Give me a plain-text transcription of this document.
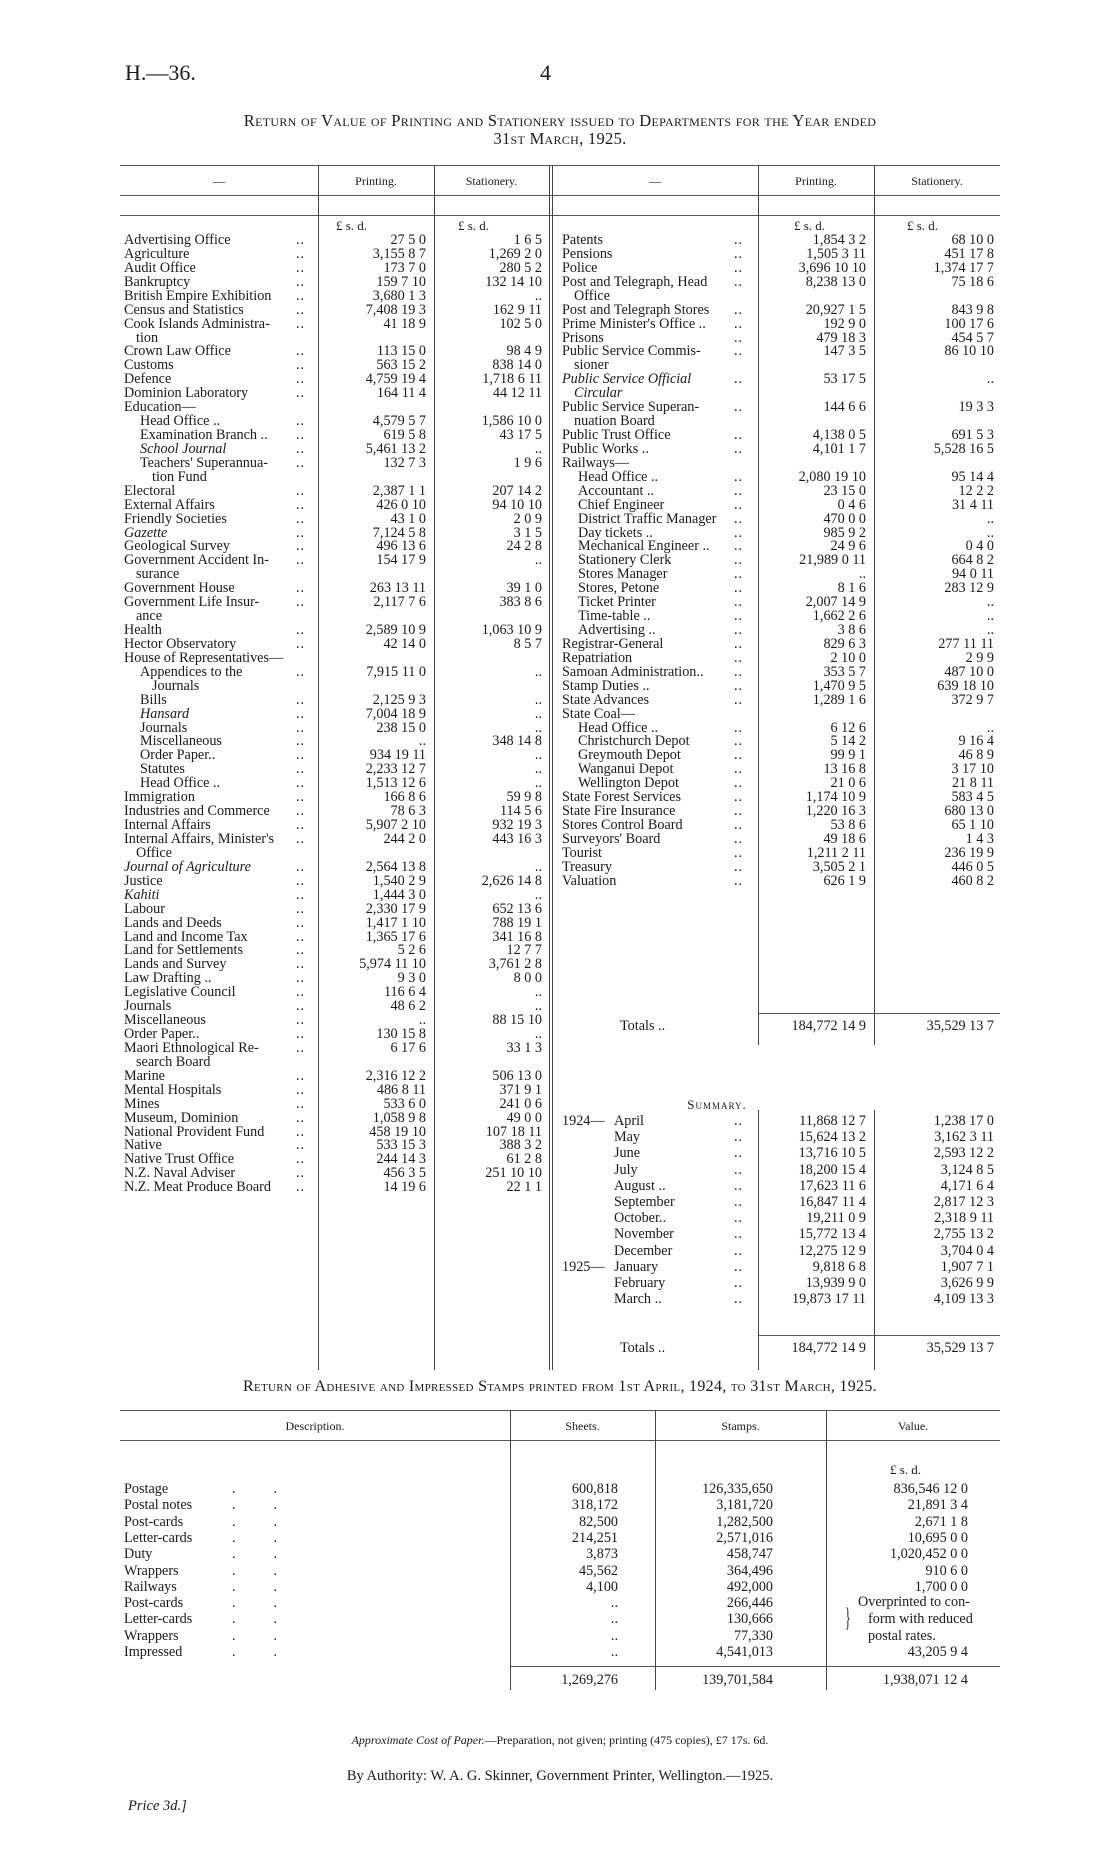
H.—36.	4
Return of Value of Printing and Stationery issued to Departments for the Year ended
31st March, 1925.
—	Printing.	Stationery.	—	Printing.	Stationery.
£ s. d.	£ s. d.	£ s. d.	£ s. d.
Advertising Office	..	27 5 0	1 6 5
Agriculture	..	3,155 8 7	1,269 2 0
Audit Office	..	173 7 0	280 5 2
Bankruptcy	..	159 7 10	132 14 10
British Empire Exhibition ..	3,680 1 3	..
Census and Statistics	..	7,408 19 3	162 9 11
Cook Islands Administra- ..	41 18 9	102 5 0
tion
Crown Law Office	..	113 15 0	98 4 9
Customs	..	563 15 2	838 14 0
Defence	..	4,759 19 4	1,718 6 11
Dominion Laboratory	..	164 11 4	44 12 11
Education—
Head Office ..	..	4,579 5 7	1,586 10 0
Examination Branch .. ..	619 5 8	43 17 5
School Journal	..	5,461 13 2	..
Teachers' Superannua- ..	132 7 3	1 9 6
tion Fund
Electoral	..	2,387 1 1	207 14 2
External Affairs	..	426 0 10	94 10 10
Friendly Societies	..	43 1 0	2 0 9
Gazette	..	7,124 5 8	3 1 5
Geological Survey	..	496 13 6	24 2 8
Government Accident In- ..	154 17 9	..
surance
Government House	..	263 13 11	39 1 0
Government Life Insur-	..	2,117 7 6	383 8 6
ance
Health	..	2,589 10 9	1,063 10 9
Hector Observatory	..	42 14 0	8 5 7
House of Representatives—
Appendices to the	..	7,915 11 0	..
Journals
Bills	..	2,125 9 3	..
Hansard	..	7,004 18 9	..
Journals	..	238 15 0	..
Miscellaneous	..	..	348 14 8
Order Paper..	..	934 19 11	..
Statutes	..	2,233 12 7	..
Head Office ..	..	1,513 12 6	..
Immigration	..	166 8 6	59 9 8
Industries and Commerce ..	78 6 3	114 5 6
Internal Affairs	..	5,907 2 10	932 19 3
Internal Affairs, Minister's ..	244 2 0	443 16 3
Office
Journal of Agriculture	..	2,564 13 8	..
Justice	..	1,540 2 9	2,626 14 8
Kahiti	..	1,444 3 0	..
Labour	..	2,330 17 9	652 13 6
Lands and Deeds	..	1,417 1 10	788 19 1
Land and Income Tax	..	1,365 17 6	341 16 8
Land for Settlements	..	5 2 6	12 7 7
Lands and Survey	..	5,974 11 10	3,761 2 8
Law Drafting ..	..	9 3 0	8 0 0
Legislative Council	..	116 6 4	..
Journals	..	48 6 2	..
Miscellaneous	..	..	88 15 10
Order Paper..	..	130 15 8	..
Maori Ethnological Re-	..	6 17 6	33 1 3
search Board
Marine	..	2,316 12 2	506 13 0
Mental Hospitals	..	486 8 11	371 9 1
Mines	..	533 6 0	241 0 6
Museum, Dominion	..	1,058 9 8	49 0 0
National Provident Fund ..	458 19 10	107 18 11
Native	..	533 15 3	388 3 2
Native Trust Office	..	244 14 3	61 2 8
N.Z. Naval Adviser	..	456 3 5	251 10 10
N.Z. Meat Produce Board ..	14 19 6	22 1 1
Patents	..	1,854 3 2	68 10 0
Pensions	..	1,505 3 11	451 17 8
Police	..	3,696 10 10	1,374 17 7
Post and Telegraph, Head ..	8,238 13 0	75 18 6
Office
Post and Telegraph Stores ..	20,927 1 5	843 9 8
Prime Minister's Office .. ..	192 9 0	100 17 6
Prisons	..	479 18 3	454 5 7
Public Service Commis- ..	147 3 5	86 10 10
sioner
Public Service Official	..	53 17 5	..
Circular
Public Service Superan- ..	144 6 6	19 3 3
nuation Board
Public Trust Office	..	4,138 0 5	691 5 3
Public Works ..	..	4,101 1 7	5,528 16 5
Railways—
Head Office ..	..	2,080 19 10	95 14 4
Accountant ..	..	23 15 0	12 2 2
Chief Engineer	..	0 4 6	31 4 11
District Traffic Manager ..	470 0 0	..
Day tickets ..	..	985 9 2	..
Mechanical Engineer .. ..	24 9 6	0 4 0
Stationery Clerk	..	21,989 0 11	664 8 2
Stores Manager	..	..	94 0 11
Stores, Petone	..	8 1 6	283 12 9
Ticket Printer	..	2,007 14 9	..
Time-table ..	..	1,662 2 6	..
Advertising ..	..	3 8 6	..
Registrar-General	..	829 6 3	277 11 11
Repatriation	..	2 10 0	2 9 9
Samoan Administration.. ..	353 5 7	487 10 0
Stamp Duties ..	..	1,470 9 5	639 18 10
State Advances	..	1,289 1 6	372 9 7
State Coal—
Head Office ..	..	6 12 6	..
Christchurch Depot	..	5 14 2	9 16 4
Greymouth Depot	..	99 9 1	46 8 9
Wanganui Depot	..	13 16 8	3 17 10
Wellington Depot	..	21 0 6	21 8 11
State Forest Services	..	1,174 10 9	583 4 5
State Fire Insurance	..	1,220 16 3	680 13 0
Stores Control Board	..	53 8 6	65 1 10
Surveyors' Board	..	49 18 6	1 4 3
Tourist	..	1,211 2 11	236 19 9
Treasury	..	3,505 2 1	446 0 5
Valuation	..	626 1 9	460 8 2
Totals ..	184,772 14 9	35,529 13 7
Summary.
1924— April	..	11,868 12 7	1,238 17 0
May	..	15,624 13 2	3,162 3 11
June	..	13,716 10 5	2,593 12 2
July	..	18,200 15 4	3,124 8 5
August ..	..	17,623 11 6	4,171 6 4
September	..	16,847 11 4	2,817 12 3
October..	..	19,211 0 9	2,318 9 11
November	..	15,772 13 4	2,755 13 2
December	..	12,275 12 9	3,704 0 4
1925— January	..	9,818 6 8	1,907 7 1
February	..	13,939 9 0	3,626 9 9
March ..	..	19,873 17 11	4,109 13 3
Totals ..	184,772 14 9	35,529 13 7
Return of Adhesive and Impressed Stamps printed from 1st April, 1924, to 31st March, 1925.
Description.	Sheets.	Stamps.	Value.
£ s. d.
Postage	..	600,818	126,335,650	836,546 12 0
Postal notes	..	318,172	3,181,720	21,891 3 4
Post-cards	..	82,500	1,282,500	2,671 1 8
Letter-cards	..	214,251	2,571,016	10,695 0 0
Duty	..	3,873	458,747	1,020,452 0 0
Wrappers	..	45,562	364,496	910 6 0
Railways	..	4,100	492,000	1,700 0 0
Post-cards	..	..	266,446
Letter-cards	..	..	130,666
Wrappers	..	..	77,330
Impressed	..	..	4,541,013	43,205 9 4
}
Overprinted to con-
form with reduced
postal rates.
1,269,276	139,701,584	1,938,071 12 4
Approximate Cost of Paper.—Preparation, not given; printing (475 copies), £7 17s. 6d.
By Authority: W. A. G. Skinner, Government Printer, Wellington.—1925.
Price 3d.]
